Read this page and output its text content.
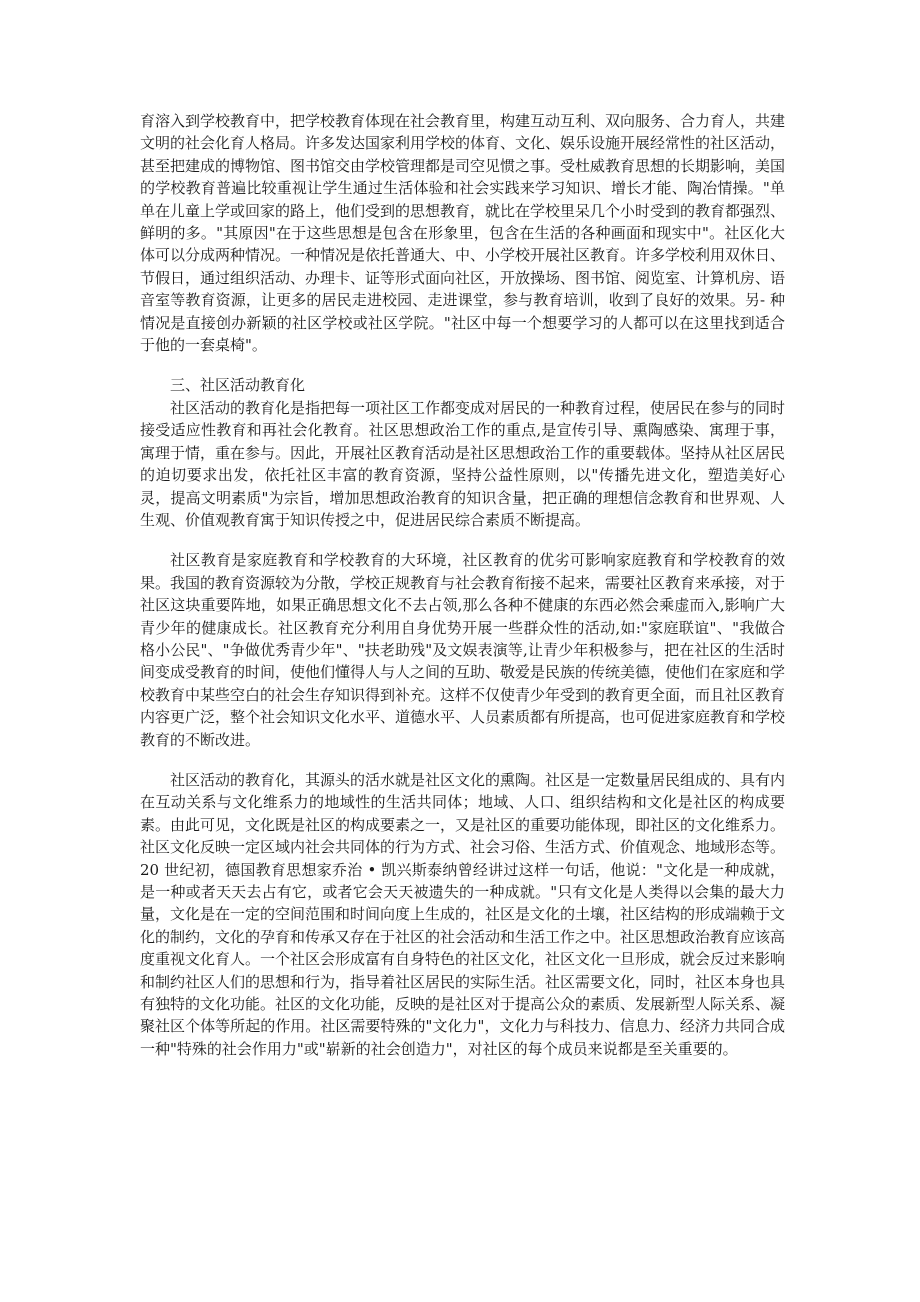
育溶入到学校教育中，把学校教育体现在社会教育里，构建互动互利、双向服务、合力育人，共建文明的社会化育人格局。许多发达国家利用学校的体育、文化、娱乐设施开展经常性的社区活动，甚至把建成的博物馆、图书馆交由学校管理都是司空见惯之事。受杜威教育思想的长期影响，美国的学校教育普遍比较重视让学生通过生活体验和社会实践来学习知识、增长才能、陶冶情操。"单单在儿童上学或回家的路上，他们受到的思想教育，就比在学校里呆几个小时受到的教育都强烈、鲜明的多。"其原因"在于这些思想是包含在形象里，包含在生活的各种画面和现实中"。社区化大体可以分成两种情况。一种情况是依托普通大、中、小学校开展社区教育。许多学校利用双休日、节假日，通过组织活动、办理卡、证等形式面向社区，开放操场、图书馆、阅览室、计算机房、语音室等教育资源，让更多的居民走进校园、走进课堂，参与教育培训，收到了良好的效果。另- 种情况是直接创办新颖的社区学校或社区学院。"社区中每一个想要学习的人都可以在这里找到适合于他的一套桌椅"。

三、社区活动教育化

社区活动的教育化是指把每一项社区工作都变成对居民的一种教育过程，使居民在参与的同时接受适应性教育和再社会化教育。社区思想政治工作的重点,是宣传引导、熏陶感染、寓理于事，寓理于情，重在参与。因此，开展社区教育活动是社区思想政治工作的重要载体。坚持从社区居民的迫切要求出发，依托社区丰富的教育资源，坚持公益性原则，以"传播先进文化，塑造美好心灵，提高文明素质"为宗旨，增加思想政治教育的知识含量，把正确的理想信念教育和世界观、人生观、价值观教育寓于知识传授之中，促进居民综合素质不断提高。

社区教育是家庭教育和学校教育的大环境，社区教育的优劣可影响家庭教育和学校教育的效果。我国的教育资源较为分散，学校正规教育与社会教育衔接不起来，需要社区教育来承接，对于社区这块重要阵地，如果正确思想文化不去占领,那么各种不健康的东西必然会乘虚而入,影响广大青少年的健康成长。社区教育充分利用自身优势开展一些群众性的活动,如:"家庭联谊"、"我做合格小公民"、"争做优秀青少年"、"扶老助残"及文娱表演等,让青少年积极参与，把在社区的生活时间变成受教育的时间，使他们懂得人与人之间的互助、敬爱是民族的传统美德，使他们在家庭和学校教育中某些空白的社会生存知识得到补充。这样不仅使青少年受到的教育更全面，而且社区教育内容更广泛，整个社会知识文化水平、道德水平、人员素质都有所提高，也可促进家庭教育和学校教育的不断改进。

社区活动的教育化，其源头的活水就是社区文化的熏陶。社区是一定数量居民组成的、具有内在互动关系与文化维系力的地域性的生活共同体；地域、人口、组织结构和文化是社区的构成要素。由此可见，文化既是社区的构成要素之一，又是社区的重要功能体现，即社区的文化维系力。社区文化反映一定区域内社会共同体的行为方式、社会习俗、生活方式、价值观念、地域形态等。20 世纪初，德国教育思想家乔治 • 凯兴斯泰纳曾经讲过这样一句话，他说："文化是一种成就，是一种或者天天去占有它，或者它会天天被遗失的一种成就。"只有文化是人类得以会集的最大力量，文化是在一定的空间范围和时间向度上生成的，社区是文化的土壤，社区结构的形成端赖于文化的制约，文化的孕育和传承又存在于社区的社会活动和生活工作之中。社区思想政治教育应该高度重视文化育人。一个社区会形成富有自身特色的社区文化，社区文化一旦形成，就会反过来影响和制约社区人们的思想和行为，指导着社区居民的实际生活。社区需要文化，同时，社区本身也具有独特的文化功能。社区的文化功能，反映的是社区对于提高公众的素质、发展新型人际关系、凝聚社区个体等所起的作用。社区需要特殊的"文化力"，文化力与科技力、信息力、经济力共同合成一种"特殊的社会作用力"或"崭新的社会创造力"，对社区的每个成员来说都是至关重要的。
